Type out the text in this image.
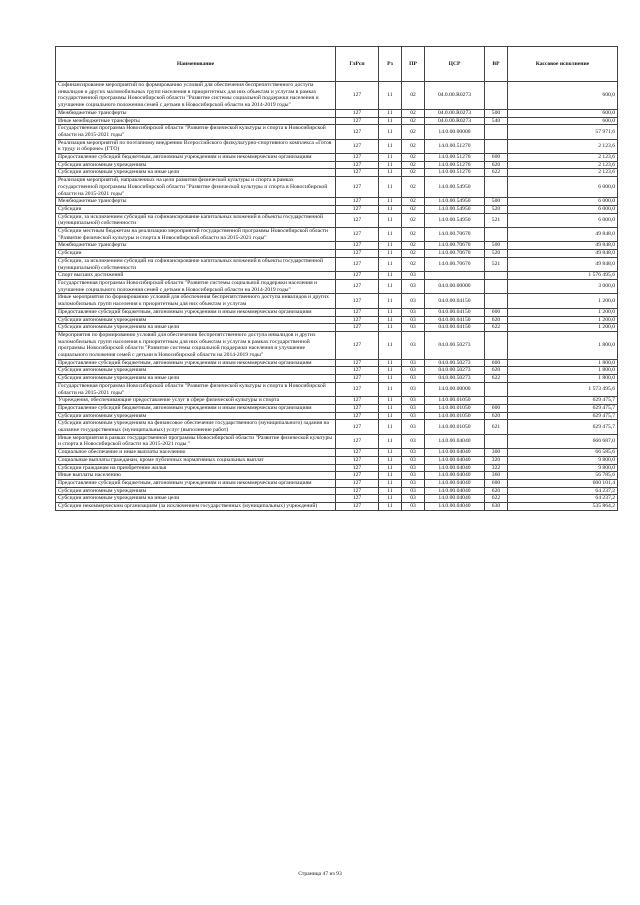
Наименование	ГлРсп	Рз	ПР	ЦСР	ВР	Кассовое исполнение
Софинансирование мероприятий по формированию условий для обеспечения беспрепятственного доступа инвалидов и других маломобильных групп населения в приоритетных для них объектам и услугам в рамках государственной программы Новосибирской области "Развитие системы социальной поддержки населения и улучшение социального положения семей с детьми в Новосибирской области на 2014-2019 годы"	127	11	02	04.0.00.R0273		600,0
Межбюджетные трансферты	127	11	02	04.0.00.R0273	500	600,0
Иные межбюджетные трансферты	127	11	02	04.0.00.R0273	540	600,0
Государственная программа Новосибирской области "Развитие физической культуры и спорта в Новосибирской области на 2015-2021 годы"	127	11	02	14.0.00.00000		57 971,6
Реализация мероприятий по поэтапному внедрению Всероссийского физкультурно-спортивного комплекса «Готов к труду и обороне» (ГТО)	127	11	02	14.0.00.51270		2 123,6
Предоставление субсидий бюджетным, автономным учреждениям и иным некоммерческим организациям	127	11	02	14.0.00.51270	600	2 123,6
Субсидии автономным учреждениям	127	11	02	14.0.00.51270	620	2 123,6
Субсидии автономным учреждениям на иные цели	127	11	02	14.0.00.51270	622	2 123,6
Реализация мероприятий, направленных на цели развития физической культуры и спорта в рамках государственной программы Новосибирской области "Развитие физической культуры и спорта в Новосибирской области на 2015-2021 годы"	127	11	02	14.0.00.54950		6 000,0
Межбюджетные трансферты	127	11	02	14.0.00.54950	500	6 000,0
Субсидии	127	11	02	14.0.00.54950	520	6 000,0
Субсидии, за исключением субсидий на софинансирование капитальных вложений в объекты государственной (муниципальной) собственности	127	11	02	14.0.00.54950	521	6 000,0
Субсидии местным бюджетам на реализацию мероприятий государственной программы Новосибирской области "Развитие физической культуры и спорта в Новосибирской области на 2015-2021 годы"	127	11	02	14.0.00.70670		49 848,0
Межбюджетные трансферты	127	11	02	14.0.00.70670	500	49 848,0
Субсидии	127	11	02	14.0.00.70670	520	49 848,0
Субсидии, за исключением субсидий на софинансирование капитальных вложений в объекты государственной (муниципальной) собственности	127	11	02	14.0.00.70670	521	49 848,0
Спорт высших достижений	127	11	03			1 576 495,6
Государственная программа Новосибирской области "Развитие системы социальной поддержки населения и улучшение социального положения семей с детьми в Новосибирской области на 2014-2019 годы"	127	11	03	04.0.00.00000		3 000,0
Иные мероприятия по формированию условий для обеспечения беспрепятственного доступа инвалидов и других маломобильных групп населения к приоритетным для них объектам и услугам	127	11	03	04.0.00.04150		1 200,0
Предоставление субсидий бюджетным, автономным учреждениям и иным некоммерческим организациям	127	11	03	04.0.00.04150	600	1 200,0
Субсидии автономным учреждениям	127	11	03	04.0.00.04150	620	1 200,0
Субсидии автономным учреждениям на иные цели	127	11	03	04.0.00.04150	622	1 200,0
Мероприятия по формированию условий для обеспечения беспрепятственного доступа инвалидов и других маломобильных групп населения к приоритетным для них объектам и услугам в рамках государственной программы Новосибирской области "Развитие системы социальной поддержки населения и улучшение социального положения семей с детьми в Новосибирской области на 2014-2019 годы"	127	11	03	04.0.00.50273		1 800,0
Предоставление субсидий бюджетным, автономным учреждениям и иным некоммерческим организациям	127	11	03	04.0.00.50273	600	1 800,0
Субсидии автономным учреждениям	127	11	03	04.0.00.50273	620	1 800,0
Субсидии автономным учреждениям на иные цели	127	11	03	04.0.00.50273	622	1 800,0
Государственная программа Новосибирской области "Развитие физической культуры и спорта в Новосибирской области на 2015-2021 годы"	127	11	03	14.0.00.00000		1 573 495,6
Учреждения, обеспечивающие предоставление услуг в сфере физической культуры и спорта	127	11	03	14.0.00.01050		629 475,7
Предоставление субсидий бюджетным, автономным учреждениям и иным некоммерческим организациям	127	11	03	14.0.00.01050	600	629 475,7
Субсидии автономным учреждениям	127	11	03	14.0.00.01050	620	629 475,7
Субсидии автономным учреждениям на финансовое обеспечение государственного (муниципального) задания на оказание государственных (муниципальных) услуг (выполнение работ)	127	11	03	14.0.00.01050	621	629 475,7
Иные мероприятия в рамках государственной программы Новосибирской области "Развитие физической культуры и спорта в Новосибирской области на 2015-2021 годы "	127	11	03	14.0.00.04040		666 687,0
Социальное обеспечение и иные выплаты населению	127	11	03	14.0.00.04040	300	66 585,6
Социальные выплаты гражданам, кроме публичных нормативных социальных выплат	127	11	03	14.0.00.04040	320	9 800,0
Субсидии гражданам на приобретение жилья	127	11	03	14.0.00.04040	322	9 800,0
Иные выплаты населению	127	11	03	14.0.00.04040	360	56 785,6
Предоставление субсидий бюджетным, автономным учреждениям и иным некоммерческим организациям	127	11	03	14.0.00.04040	600	600 101,4
Субсидии автономным учреждениям	127	11	03	14.0.00.04040	620	64 237,2
Субсидии автономным учреждениям на иные цели	127	11	03	14.0.00.04040	622	64 237,2
Субсидии некоммерческим организациям (за исключением государственных (муниципальных) учреждений)	127	11	03	14.0.00.04040	630	535 864,2
Страница 47 из 93
